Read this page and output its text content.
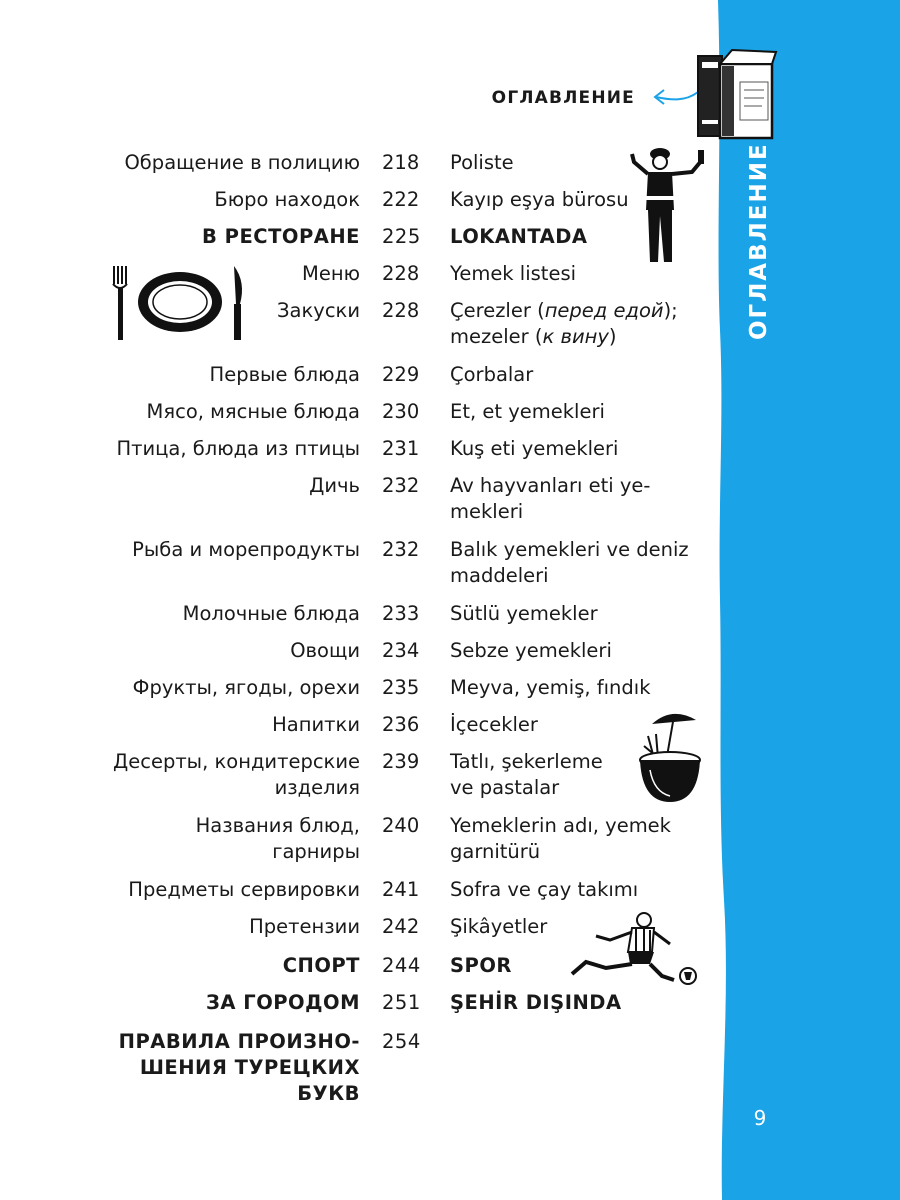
ОГЛАВЛЕНИЕ
9
ОГЛАВЛЕНИЕ
Обращение в полицию 218	Poliste
Бюро находок 222	Kayıp eşya bürosu
В РЕСТОРАНЕ 225 LOKANTADA
Меню 228	Yemek listesi
Закуски 228	Çerezler (перед едой);
mezeler (к вину)
Первые блюда 229	Çorbalar
Мясо, мясные блюда 230	Et, et yemekleri
Птица, блюда из птицы 231	Kuş eti yemekleri
Дичь 232	Av hayvanları eti ye-
mekleri
Рыба и морепродукты 232	Balık yemekleri ve deniz
maddeleri
Молочные блюда 233	Sütlü yemekler
Овощи 234	Sebze yemekleri
Фрукты, ягоды, орехи 235	Meyva, yemiş, fındık
Напитки 236	İçecekler
Десерты, кондитерские
изделия
239	Tatlı, şekerleme
ve pastalar
Названия блюд,
гарниры
240	Yemeklerin adı, yemek
garnitürü
Предметы сервировки 241	Sofra ve çay takımı
Претензии 242	Şikâyetler
СПОРТ 244 SPOR
ЗА ГОРОДОМ 251 ŞEHİR DIŞINDA
ПРАВИЛА ПРОИЗНО-
ШЕНИЯ ТУРЕЦКИХ
БУКВ
254
